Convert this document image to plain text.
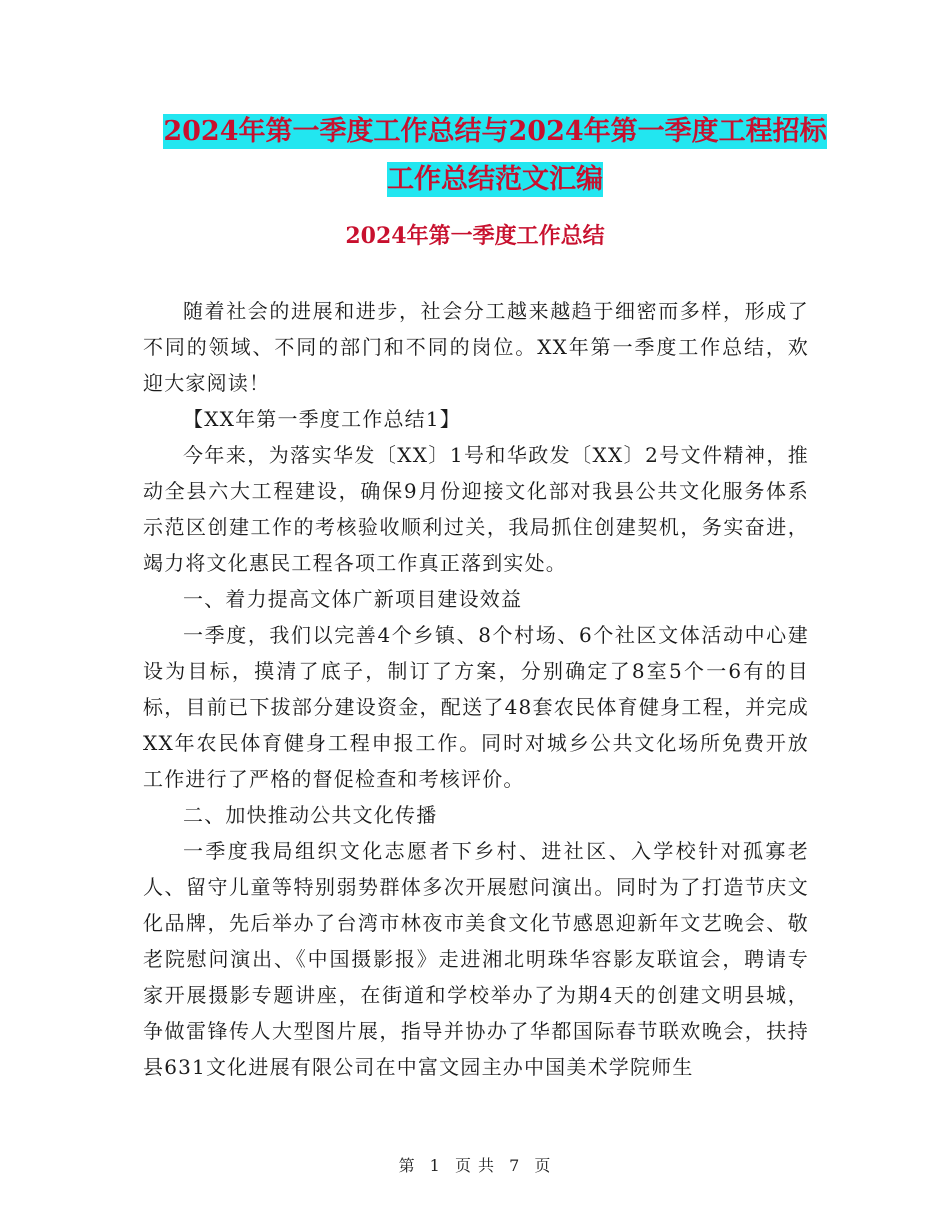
2024年第一季度工作总结与2024年第一季度工程招标
工作总结范文汇编
2024年第一季度工作总结

随着社会的进展和进步，社会分工越来越趋于细密而多样，形成了不同的领域、不同的部门和不同的岗位。XX年第一季度工作总结，欢迎大家阅读！

【XX年第一季度工作总结1】

今年来，为落实华发〔XX〕1号和华政发〔XX〕2号文件精神，推动全县六大工程建设，确保9月份迎接文化部对我县公共文化服务体系示范区创建工作的考核验收顺利过关，我局抓住创建契机，务实奋进，竭力将文化惠民工程各项工作真正落到实处。

一、着力提高文体广新项目建设效益

一季度，我们以完善4个乡镇、8个村场、6个社区文体活动中心建设为目标，摸清了底子，制订了方案，分别确定了8室5个一6有的目标，目前已下拔部分建设资金，配送了48套农民体育健身工程，并完成XX年农民体育健身工程申报工作。同时对城乡公共文化场所免费开放工作进行了严格的督促检查和考核评价。

二、加快推动公共文化传播

一季度我局组织文化志愿者下乡村、进社区、入学校针对孤寡老人、留守儿童等特别弱势群体多次开展慰问演出。同时为了打造节庆文化品牌，先后举办了台湾市林夜市美食文化节感恩迎新年文艺晚会、敬老院慰问演出、《中国摄影报》走进湘北明珠华容影友联谊会，聘请专家开展摄影专题讲座，在街道和学校举办了为期4天的创建文明县城，争做雷锋传人大型图片展，指导并协办了华都国际春节联欢晚会，扶持县631文化进展有限公司在中富文园主办中国美术学院师生

第 1 页 共 7 页
